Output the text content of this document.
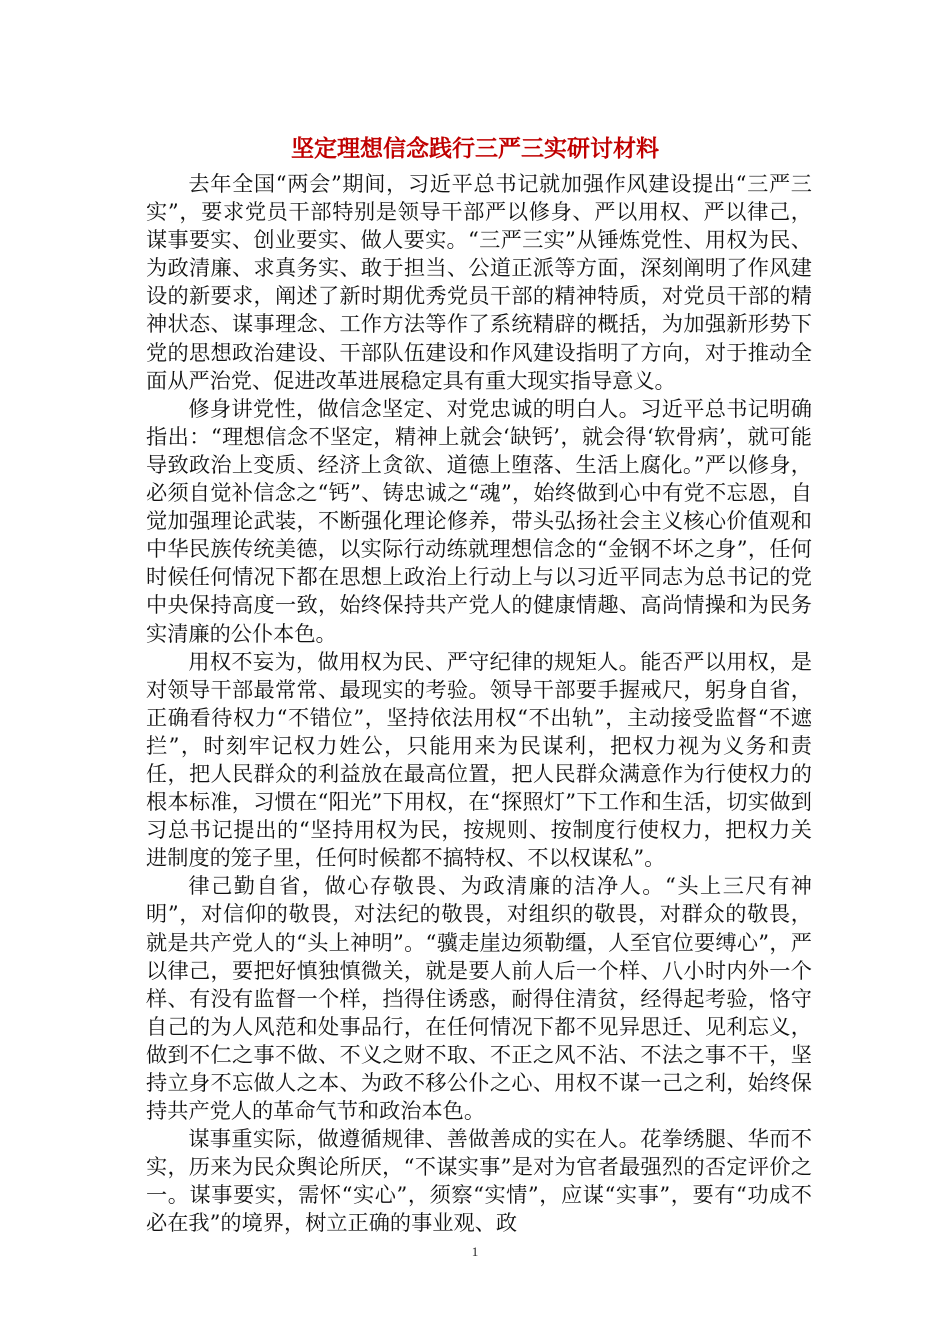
坚定理想信念践行三严三实研讨材料

去年全国“两会”期间，习近平总书记就加强作风建设提出“三严三实”，要求党员干部特别是领导干部严以修身、严以用权、严以律己，谋事要实、创业要实、做人要实。“三严三实”从锤炼党性、用权为民、为政清廉、求真务实、敢于担当、公道正派等方面，深刻阐明了作风建设的新要求，阐述了新时期优秀党员干部的精神特质，对党员干部的精神状态、谋事理念、工作方法等作了系统精辟的概括，为加强新形势下党的思想政治建设、干部队伍建设和作风建设指明了方向，对于推动全面从严治党、促进改革进展稳定具有重大现实指导意义。

修身讲党性，做信念坚定、对党忠诚的明白人。习近平总书记明确指出：“理想信念不坚定，精神上就会‘缺钙’，就会得‘软骨病’，就可能导致政治上变质、经济上贪欲、道德上堕落、生活上腐化。”严以修身，必须自觉补信念之“钙”、铸忠诚之“魂”，始终做到心中有党不忘恩，自觉加强理论武装，不断强化理论修养，带头弘扬社会主义核心价值观和中华民族传统美德，以实际行动练就理想信念的“金钢不坏之身”，任何时候任何情况下都在思想上政治上行动上与以习近平同志为总书记的党中央保持高度一致，始终保持共产党人的健康情趣、高尚情操和为民务实清廉的公仆本色。

用权不妄为，做用权为民、严守纪律的规矩人。能否严以用权，是对领导干部最常常、最现实的考验。领导干部要手握戒尺，躬身自省，正确看待权力“不错位”，坚持依法用权“不出轨”，主动接受监督“不遮拦”，时刻牢记权力姓公，只能用来为民谋利，把权力视为义务和责任，把人民群众的利益放在最高位置，把人民群众满意作为行使权力的根本标准，习惯在“阳光”下用权，在“探照灯”下工作和生活，切实做到习总书记提出的“坚持用权为民，按规则、按制度行使权力，把权力关进制度的笼子里，任何时候都不搞特权、不以权谋私”。

律己勤自省，做心存敬畏、为政清廉的洁净人。“头上三尺有神明”，对信仰的敬畏，对法纪的敬畏，对组织的敬畏，对群众的敬畏，就是共产党人的“头上神明”。“骥走崖边须勒缰，人至官位要缚心”，严以律己，要把好慎独慎微关，就是要人前人后一个样、八小时内外一个样、有没有监督一个样，挡得住诱惑，耐得住清贫，经得起考验，恪守自己的为人风范和处事品行，在任何情况下都不见异思迁、见利忘义，做到不仁之事不做、不义之财不取、不正之风不沾、不法之事不干，坚持立身不忘做人之本、为政不移公仆之心、用权不谋一己之利，始终保持共产党人的革命气节和政治本色。

谋事重实际，做遵循规律、善做善成的实在人。花拳绣腿、华而不实，历来为民众舆论所厌，“不谋实事”是对为官者最强烈的否定评价之一。谋事要实，需怀“实心”，须察“实情”，应谋“实事”，要有“功成不必在我”的境界，树立正确的事业观、政

1
